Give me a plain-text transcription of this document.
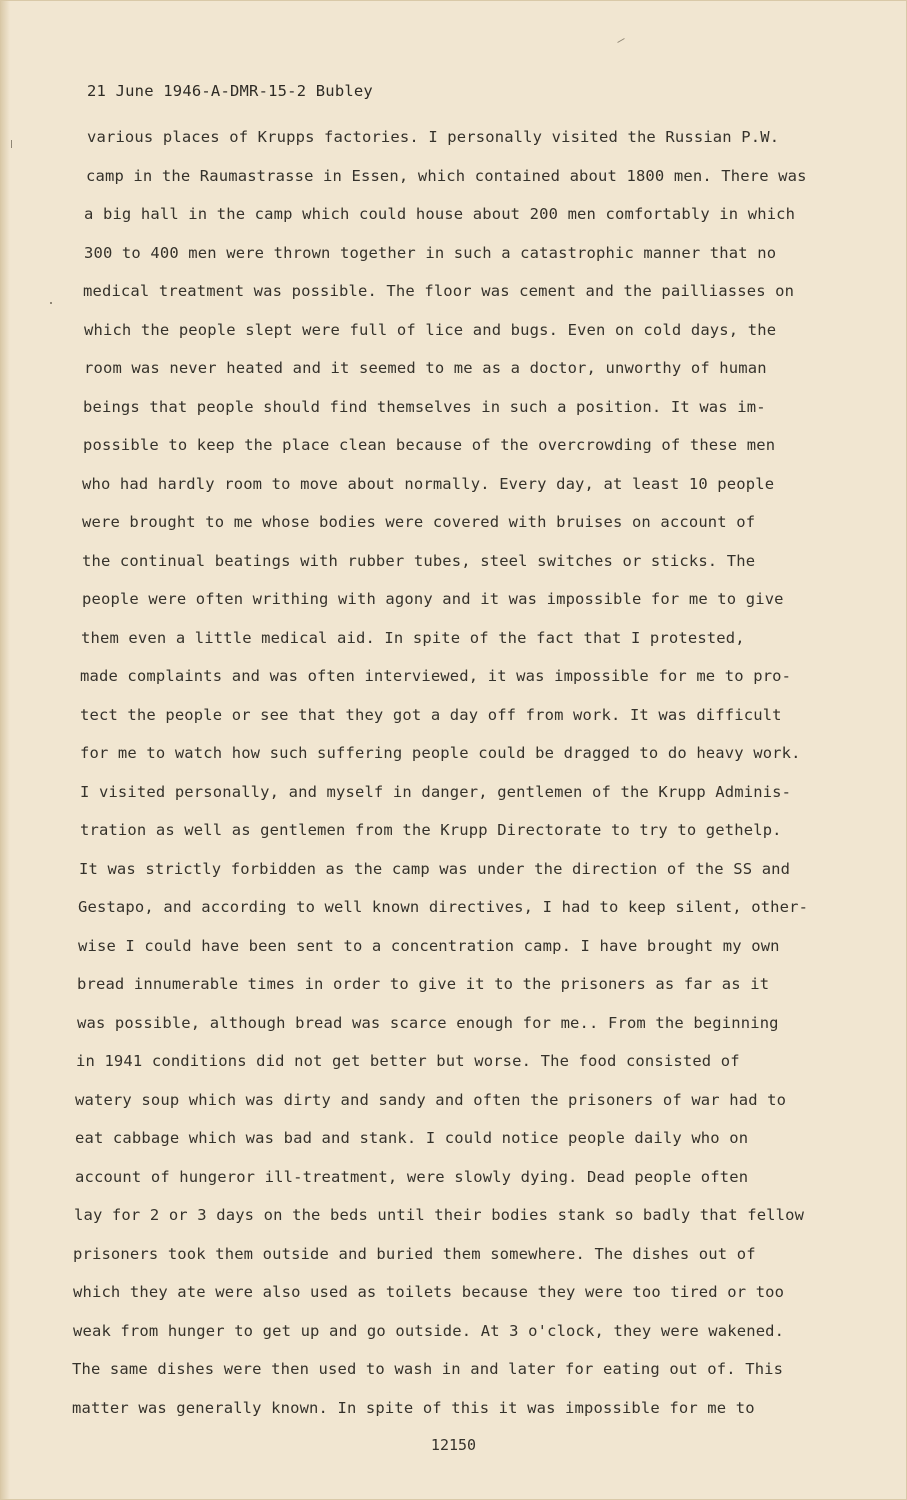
21 June 1946-A-DMR-15-2 Bubley
various places of Krupps factories. I personally visited the Russian P.W.
camp in the Raumastrasse in Essen, which contained about 1800 men. There was
a big hall in the camp which could house about 200 men comfortably in which
300 to 400 men were thrown together in such a catastrophic manner that no
medical treatment was possible. The floor was cement and the pailliasses on
which the people slept were full of lice and bugs. Even on cold days, the
room was never heated and it seemed to me as a doctor, unworthy of human
beings that people should find themselves in such a position. It was im-
possible to keep the place clean because of the overcrowding of these men
who had hardly room to move about normally. Every day, at least 10 people
were brought to me whose bodies were covered with bruises on account of
the continual beatings with rubber tubes, steel switches or sticks. The
people were often writhing with agony and it was impossible for me to give
them even a little medical aid. In spite of the fact that I protested,
made complaints and was often interviewed, it was impossible for me to pro-
tect the people or see that they got a day off from work. It was difficult
for me to watch how such suffering people could be dragged to do heavy work.
I visited personally, and myself in danger, gentlemen of the Krupp Adminis-
tration as well as gentlemen from the Krupp Directorate to try to gethelp.
It was strictly forbidden as the camp was under the direction of the SS and
Gestapo, and according to well known directives, I had to keep silent, other-
wise I could have been sent to a concentration camp. I have brought my own
bread innumerable times in order to give it to the prisoners as far as it
was possible, although bread was scarce enough for me.. From the beginning
in 1941 conditions did not get better but worse. The food consisted of
watery soup which was dirty and sandy and often the prisoners of war had to
eat cabbage which was bad and stank. I could notice people daily who on
account of hungeror ill-treatment, were slowly dying. Dead people often
lay for 2 or 3 days on the beds until their bodies stank so badly that fellow
prisoners took them outside and buried them somewhere. The dishes out of
which they ate were also used as toilets because they were too tired or too
weak from hunger to get up and go outside. At 3 o'clock, they were wakened.
The same dishes were then used to wash in and later for eating out of. This
matter was generally known. In spite of this it was impossible for me to
12150
